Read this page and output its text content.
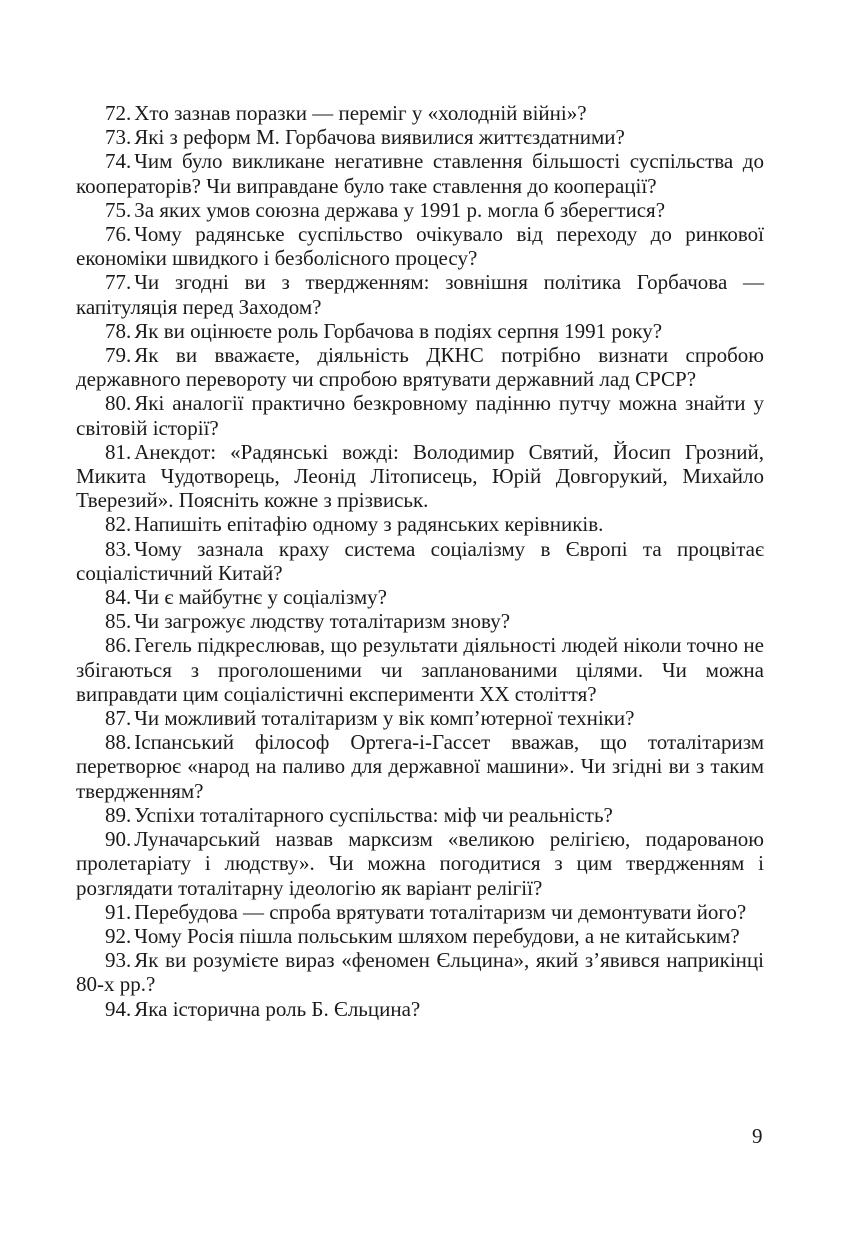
72. Хто зазнав поразки — переміг у «холодній війні»?

73. Які з реформ М. Горбачова виявилися життєздатними?

74. Чим було викликане негативне ставлення більшості суспільства до кооператорів? Чи виправдане було таке ставлення до кооперації?

75. За яких умов союзна держава у 1991 р. могла б зберегтися?

76. Чому радянське суспільство очікувало від переходу до ринкової економіки швидкого і безболісного процесу?

77. Чи згодні ви з твердженням: зовнішня політика Горбачова — капітуляція перед Заходом?

78. Як ви оцінюєте роль Горбачова в подіях серпня 1991 року?

79. Як ви вважаєте, діяльність ДКНС потрібно визнати спробою державного перевороту чи спробою врятувати державний лад СРСР?

80. Які аналогії практично безкровному падінню путчу можна знайти у світовій історії?

81. Анекдот: «Радянські вожді: Володимир Святий, Йосип Грозний, Микита Чудотворець, Леонід Літописець, Юрій Довгорукий, Михайло Тверезий». Поясніть кожне з прізвиськ.

82. Напишіть епітафію одному з радянських керівників.

83. Чому зазнала краху система соціалізму в Європі та процвітає соціалістичний Китай?

84. Чи є майбутнє у соціалізму?

85. Чи загрожує людству тоталітаризм знову?

86. Гегель підкреслював, що результати діяльності людей ніколи точно не збігаються з проголошеними чи запланованими цілями. Чи можна виправдати цим соціалістичні експерименти ХХ століття?

87. Чи можливий тоталітаризм у вік комп’ютерної техніки?

88. Іспанський філософ Ортега-і-Гассет вважав, що тоталітаризм перетворює «народ на паливо для державної машини». Чи згідні ви з таким твердженням?

89. Успіхи тоталітарного суспільства: міф чи реальність?

90. Луначарський назвав марксизм «великою релігією, подарованою пролетаріату і людству». Чи можна погодитися з цим твердженням і розглядати тоталітарну ідеологію як варіант релігії?

91. Перебудова — спроба врятувати тоталітаризм чи демонтувати його?

92. Чому Росія пішла польським шляхом перебудови, а не китайським?

93. Як ви розумієте вираз «феномен Єльцина», який з’явився наприкінці 80-х рр.?

94. Яка історична роль Б. Єльцина?

9
